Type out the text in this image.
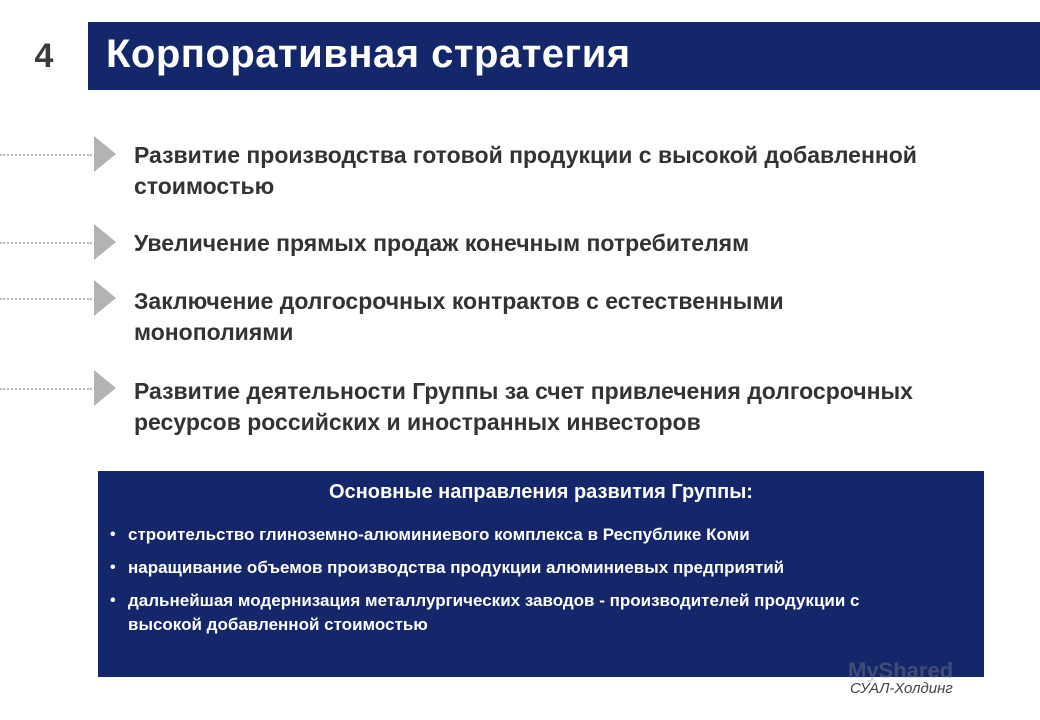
4	Корпоративная стратегия
Развитие производства готовой продукции с высокой добавленной стоимостью
Увеличение прямых продаж конечным потребителям
Заключение долгосрочных контрактов с естественными монополиями
Развитие деятельности Группы за счет привлечения долгосрочных ресурсов российских и иностранных инвесторов
Основные направления развития Группы:
• строительство глиноземно-алюминиевого комплекса в Республике Коми
• наращивание объемов производства продукции алюминиевых предприятий
• дальнейшая модернизация металлургических заводов - производителей продукции с высокой добавленной стоимостью
MyShared
СУАЛ-Холдинг
